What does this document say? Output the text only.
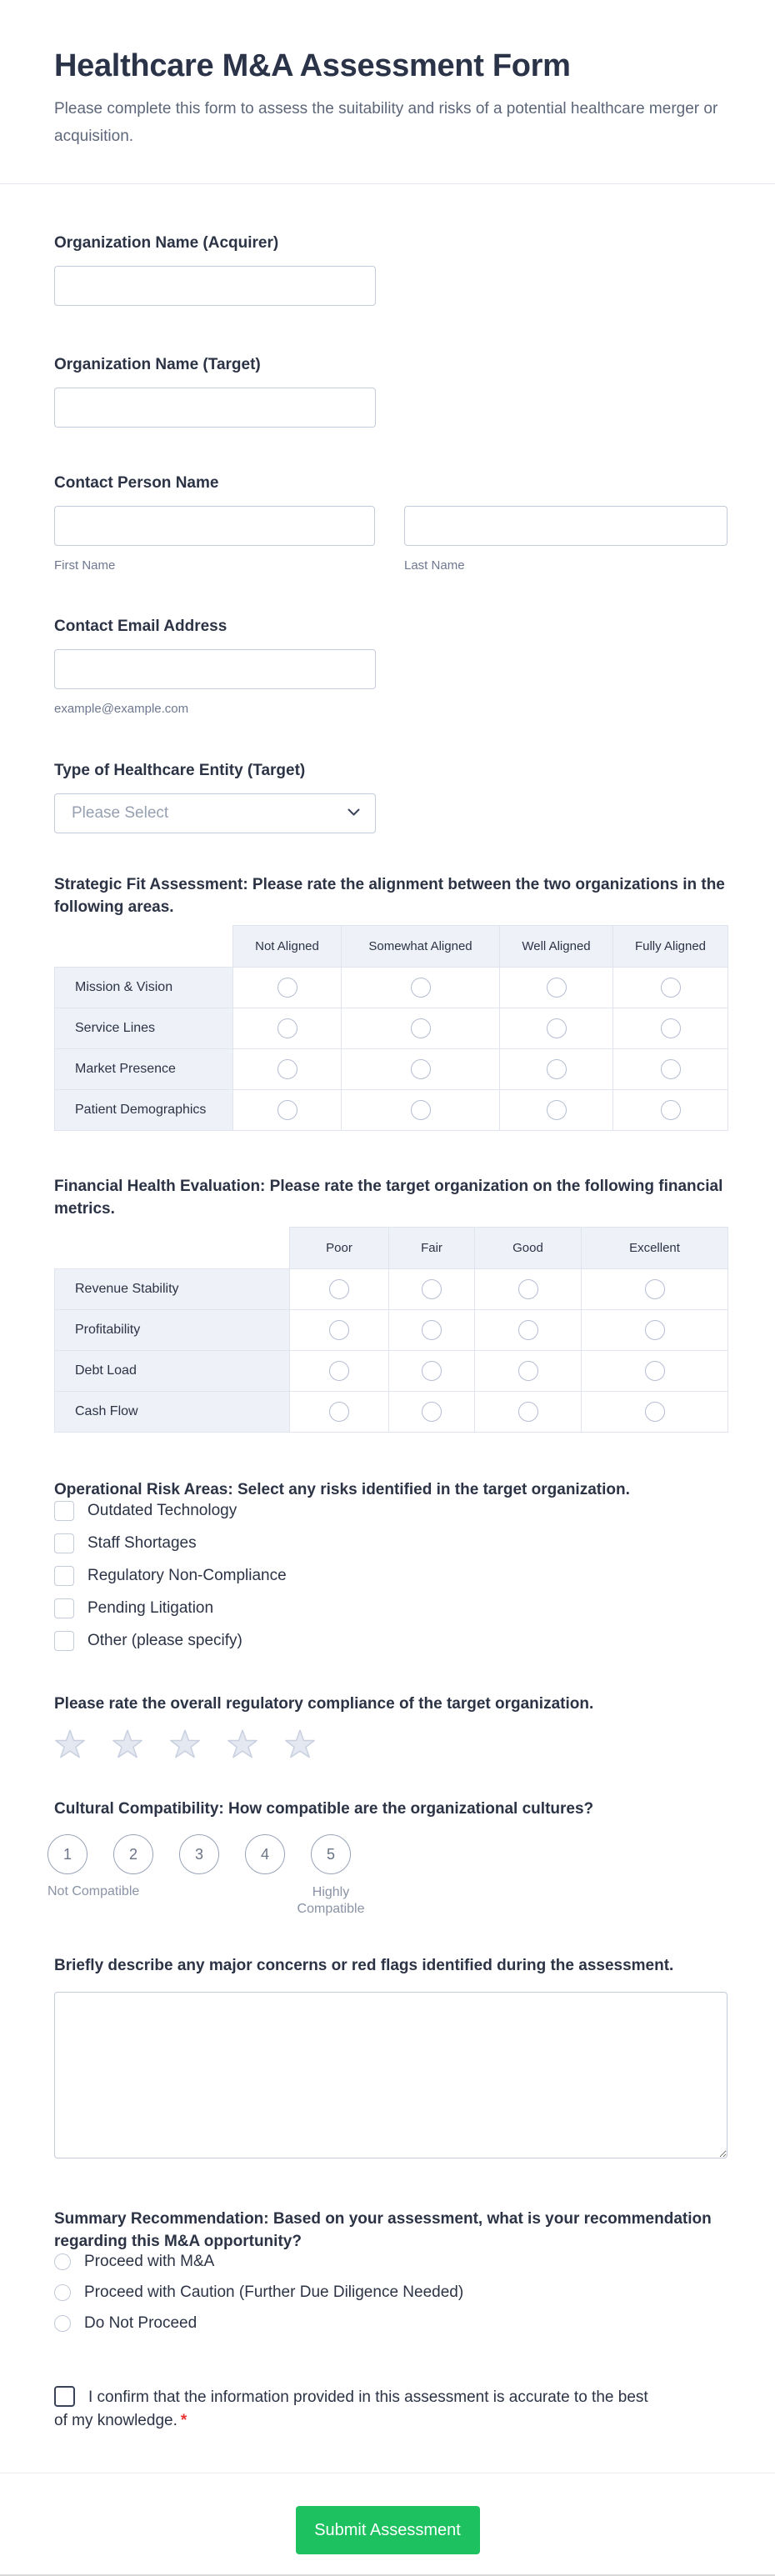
Healthcare M&A Assessment Form
Please complete this form to assess the suitability and risks of a potential healthcare merger or acquisition.
Organization Name (Acquirer)
Organization Name (Target)
Contact Person Name
First Name	Last Name
Contact Email Address
example@example.com
Type of Healthcare Entity (Target)
Please Select
Strategic Fit Assessment: Please rate the alignment between the two organizations in the following areas.
	Not Aligned	Somewhat Aligned	Well Aligned	Fully Aligned
Mission & Vision				
Service Lines				
Market Presence				
Patient Demographics				
Financial Health Evaluation: Please rate the target organization on the following financial metrics.
	Poor	Fair	Good	Excellent
Revenue Stability				
Profitability				
Debt Load				
Cash Flow				
Operational Risk Areas: Select any risks identified in the target organization.
Outdated Technology
Staff Shortages
Regulatory Non-Compliance
Pending Litigation
Other (please specify)
Please rate the overall regulatory compliance of the target organization.
Cultural Compatibility: How compatible are the organizational cultures?
1	2	3	4	5
Not Compatible	Highly Compatible
Briefly describe any major concerns or red flags identified during the assessment.
Summary Recommendation: Based on your assessment, what is your recommendation regarding this M&A opportunity?
Proceed with M&A
Proceed with Caution (Further Due Diligence Needed)
Do Not Proceed
I confirm that the information provided in this assessment is accurate to the best of my knowledge. *
Submit Assessment
